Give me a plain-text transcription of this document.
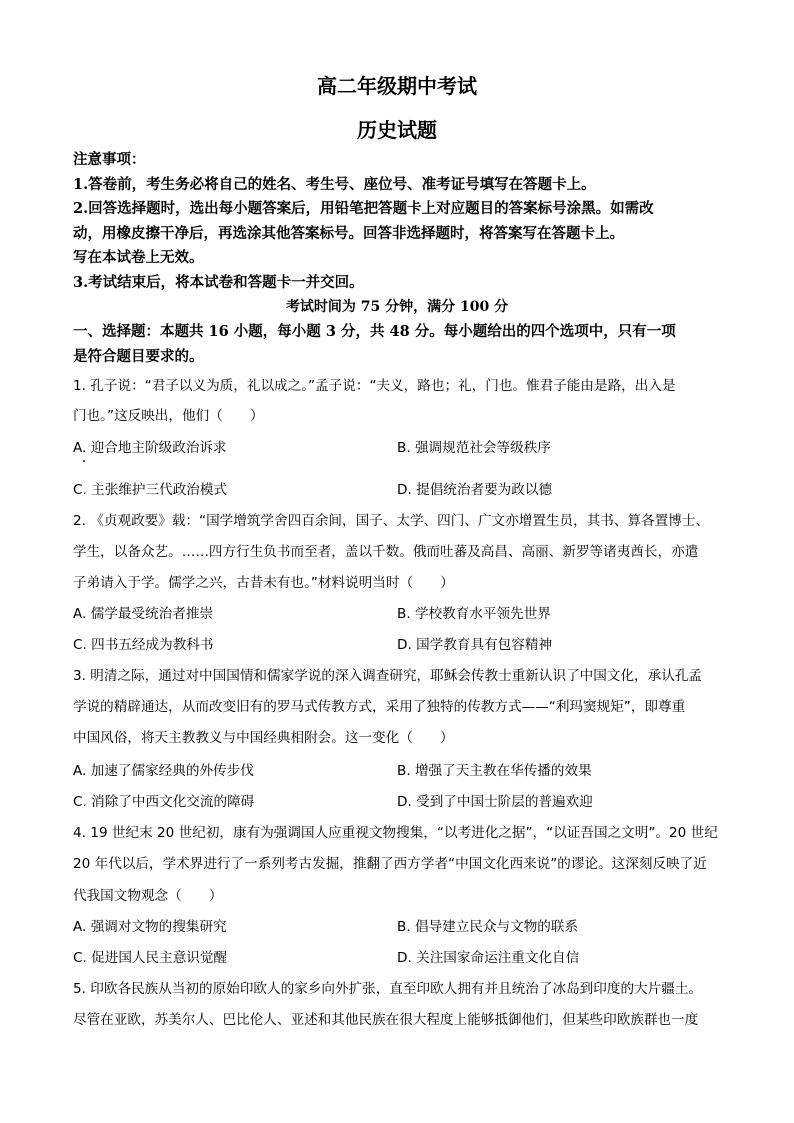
高二年级期中考试
历史试题
注意事项：
1.答卷前，考生务必将自己的姓名、考生号、座位号、准考证号填写在答题卡上。
2.回答选择题时，选出每小题答案后，用铅笔把答题卡上对应题目的答案标号涂黑。如需改
动，用橡皮擦干净后，再选涂其他答案标号。回答非选择题时，将答案写在答题卡上。
写在本试卷上无效。
3.考试结束后，将本试卷和答题卡一并交回。
考试时间为 75 分钟，满分 100 分
一、选择题：本题共 16 小题，每小题 3 分，共 48 分。每小题给出的四个选项中，只有一项
是符合题目要求的。
1. 孔子说：“君子以义为质，礼以成之。”孟子说：“夫义，路也；礼，门也。惟君子能由是路，出入是
门也。”这反映出，他们（　　）
A. 迎合地主阶级政治诉求	B. 强调规范社会等级秩序
C. 主张维护三代政治模式	D. 提倡统治者要为政以德
2. 《贞观政要》载：“国学增筑学舍四百余间，国子、太学、四门、广文亦增置生员，其书、算各置博士、
学生，以备众艺。……四方行生负书而至者，盖以千数。俄而吐蕃及高昌、高丽、新罗等诸夷酋长，亦遣
子弟请入于学。儒学之兴，古昔未有也。”材料说明当时（　　）
A. 儒学最受统治者推崇	B. 学校教育水平领先世界
C. 四书五经成为教科书	D. 国学教育具有包容精神
3. 明清之际，通过对中国国情和儒家学说的深入调查研究，耶稣会传教士重新认识了中国文化，承认孔孟
学说的精辟通达，从而改变旧有的罗马式传教方式，采用了独特的传教方式——“利玛窦规矩”，即尊重
中国风俗，将天主教教义与中国经典相附会。这一变化（　　）
A. 加速了儒家经典的外传步伐	B. 增强了天主教在华传播的效果
C. 消除了中西文化交流的障碍	D. 受到了中国士阶层的普遍欢迎
4. 19 世纪末 20 世纪初，康有为强调国人应重视文物搜集，“以考进化之据”，“以证吾国之文明”。20 世纪
20 年代以后，学术界进行了一系列考古发掘，推翻了西方学者“中国文化西来说”的谬论。这深刻反映了近
代我国文物观念（　　）
A. 强调对文物的搜集研究	B. 倡导建立民众与文物的联系
C. 促进国人民主意识觉醒	D. 关注国家命运注重文化自信
5. 印欧各民族从当初的原始印欧人的家乡向外扩张，直至印欧人拥有并且统治了冰岛到印度的大片疆土。
尽管在亚欧，苏美尔人、巴比伦人、亚述和其他民族在很大程度上能够抵御他们，但某些印欧族群也一度
